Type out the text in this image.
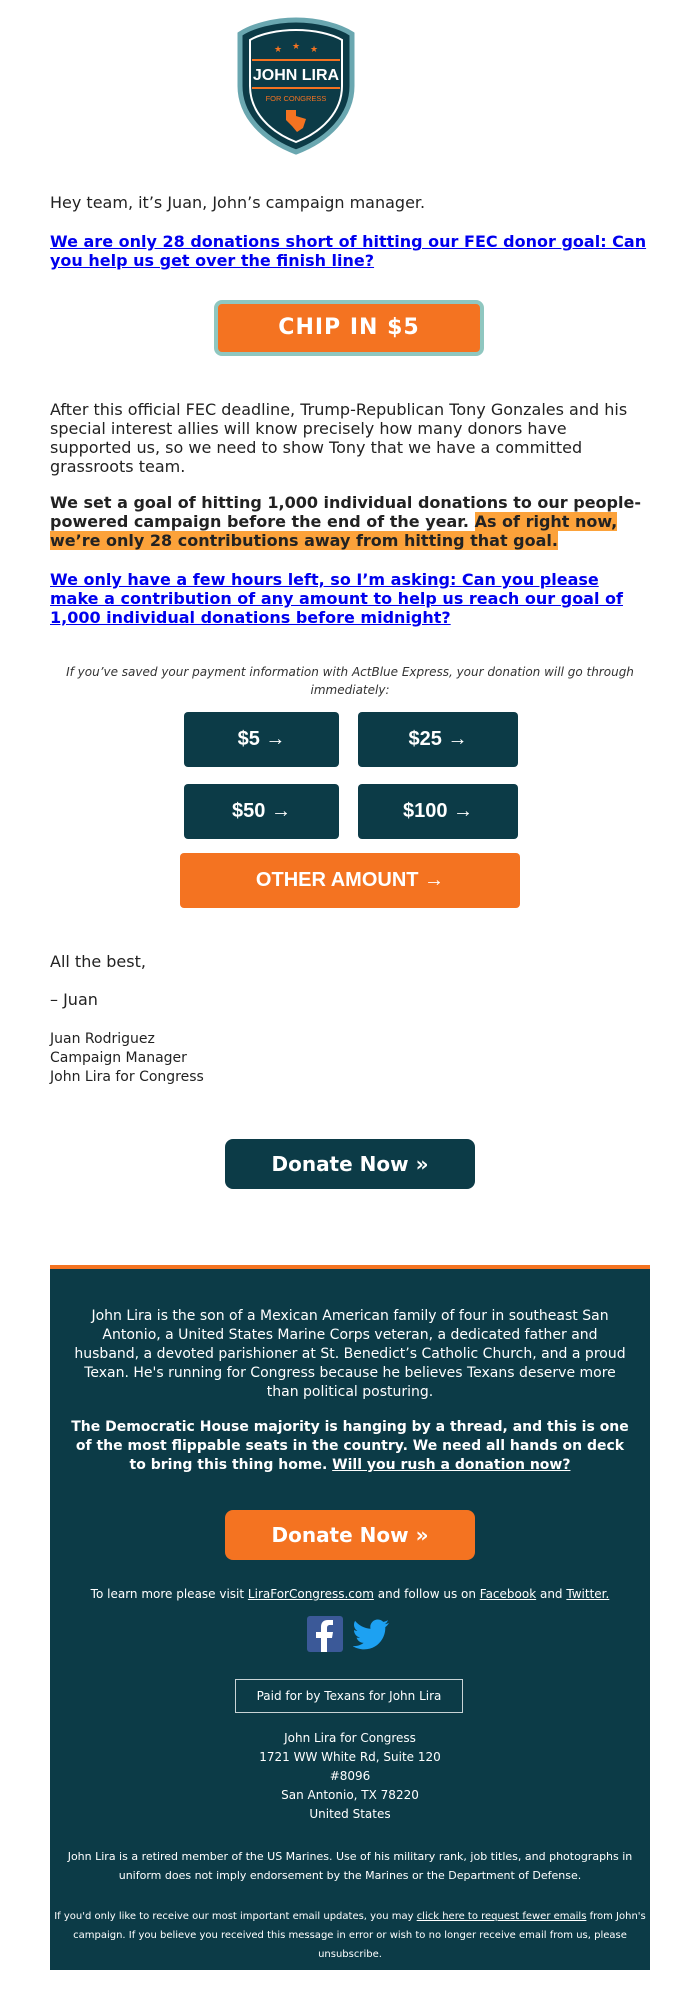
★ ★ ★
JOHN LIRA
FOR CONGRESS

Hey team, it’s Juan, John’s campaign manager.

We are only 28 donations short of hitting our FEC donor goal: Can you help us get over the finish line?

CHIP IN $5

After this official FEC deadline, Trump-Republican Tony Gonzales and his special interest allies will know precisely how many donors have supported us, so we need to show Tony that we have a committed grassroots team.

We set a goal of hitting 1,000 individual donations to our people-powered campaign before the end of the year. As of right now, we’re only 28 contributions away from hitting that goal.

We only have a few hours left, so I’m asking: Can you please make a contribution of any amount to help us reach our goal of 1,000 individual donations before midnight?

If you’ve saved your payment information with ActBlue Express, your donation will go through immediately:
$5 →	$25 →
$50 →	$100 →
OTHER AMOUNT →
All the best,
– Juan
Juan Rodriguez
Campaign Manager
John Lira for Congress
Donate Now »
John Lira is the son of a Mexican American family of four in southeast San Antonio, a United States Marine Corps veteran, a dedicated father and husband, a devoted parishioner at St. Benedict’s Catholic Church, and a proud Texan. He's running for Congress because he believes Texans deserve more than political posturing.
The Democratic House majority is hanging by a thread, and this is one of the most flippable seats in the country. We need all hands on deck to bring this thing home. Will you rush a donation now?
Donate Now »
To learn more please visit LiraForCongress.com and follow us on Facebook and Twitter.
Paid for by Texans for John Lira
John Lira for Congress
1721 WW White Rd, Suite 120
#8096
San Antonio, TX 78220
United States
John Lira is a retired member of the US Marines. Use of his military rank, job titles, and photographs in uniform does not imply endorsement by the Marines or the Department of Defense.
If you'd only like to receive our most important email updates, you may click here to request fewer emails from John's campaign. If you believe you received this message in error or wish to no longer receive email from us, please unsubscribe.
